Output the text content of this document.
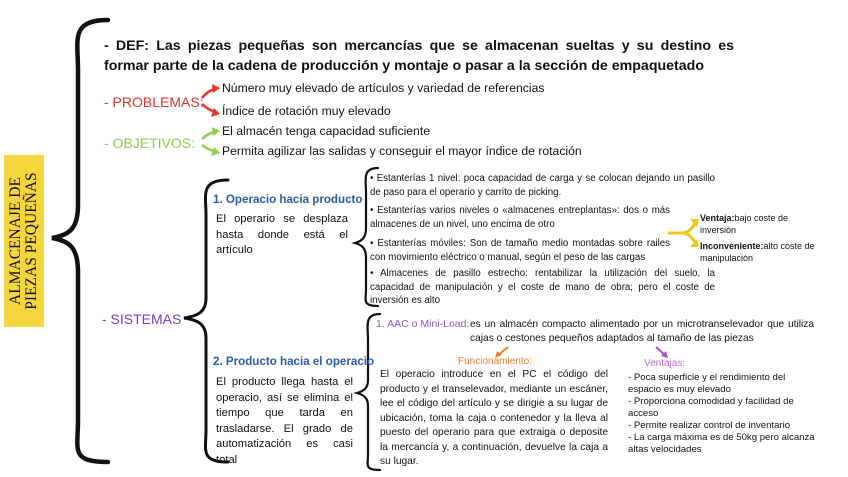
ALMACENAJE DE PIEZAS PEQUEÑAS
- DEF: Las piezas pequeñas son mercancías que se almacenan sueltas y su destino es formar parte de la cadena de producción y montaje o pasar a la sección de empaquetado
- PROBLEMAS:
Número muy elevado de artículos y variedad de referencias
Índice de rotación muy elevado
- OBJETIVOS:
El almacén tenga capacidad suficiente
Permita agilizar las salidas y conseguir el mayor índice de rotación
- SISTEMAS
1. Operacio hacia producto
El operario se desplaza hasta donde está el artículo
• Estanterías 1 nivel: poca capacidad de carga y se colocan dejando un pasillo de paso para el operario y carrito de picking.
• Estanterías varios niveles o «almacenes entreplantas»: dos o más almacenes de un nivel, uno encima de otro
• Estanterías móviles: Son de tamaño medio montadas sobre railes con movimiento eléctrico o manual, según el peso de las cargas
• Almacenes de pasillo estrecho: rentabilizar la utilización del suelo, la capacidad de manipulación y el coste de mano de obra; pero el coste de inversión es alto
Ventaja:bajo coste de inversión
Inconveniente:alto coste de manipulación
2. Producto hacia el operacio
El producto llega hasta el operacio, así se elimina el tiempo que tarda en trasladarse. El grado de automatización es casi total
1. AAC o Mini-Load: es un almacén compacto alimentado por un microtranselevador que utiliza cajas o cestones pequeños adaptados al tamaño de las piezas
Funcionamiento:
El operacio introduce en el PC el código del producto y el transelevador, mediante un escáner, lee el código del artículo y se dirigie a su lugar de ubicación, toma la caja o contenedor y la lleva al puesto del operario para que extraiga o deposite la mercancía y, a continuación, devuelve la caja a su lugar.
Ventajas:
- Poca superficie y el rendimiento del espacio es muy elevado
- Proporciona comodidad y facilidad de acceso
- Permite realizar control de inventario
- La carga máxima es de 50kg pero alcanza altas velocidades
